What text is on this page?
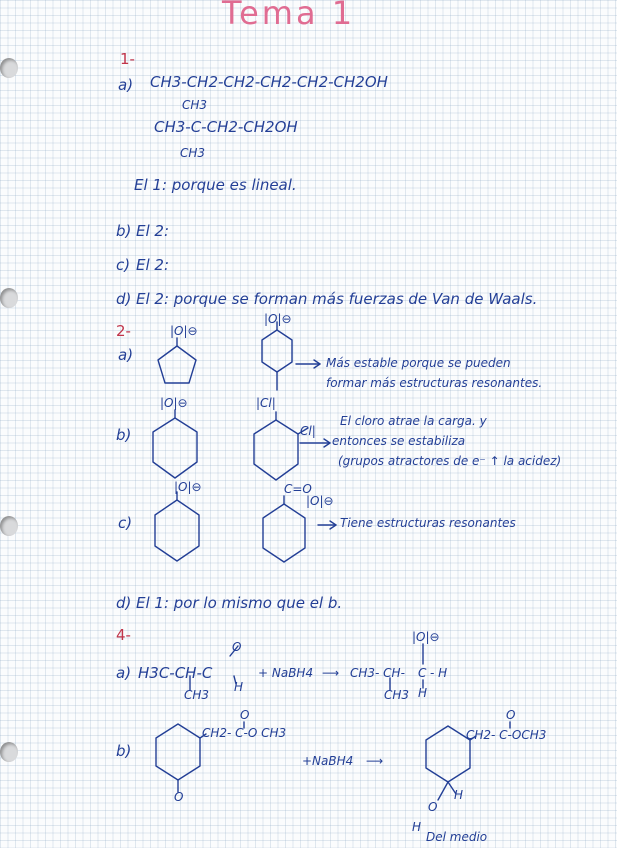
Tema 1
1-
a) CH3-CH2-CH2-CH2-CH2-CH2OH
CH3
CH3-C-CH2-CH2OH
CH3
El 1: porque es lineal.
b) El 2:
c) El 2:
d) El 2: porque se forman más fuerzas de Van de Waals.
2-
a)
|O|⊖
|O|⊖
Más estable porque se pueden
formar más estructuras resonantes.
b)
|O|⊖	|Cl|
Cl|
El cloro atrae la carga. y
entonces se estabiliza
(grupos atractores de e⁻ ↑ la acidez)
c)
|O|⊖	C=O
|O|⊖
Tiene estructuras resonantes
d) El 1: por lo mismo que el b.
4-
a) H3C-CH-C
O
H
CH3
+ NaBH4 ⟶ CH3- CH- C - H
|O|⊖
CH3 H
b)
CH2- C-O CH3
O
O
+NaBH4 ⟶
CH2- C-OCH3
O
H
O
H
Del medio
